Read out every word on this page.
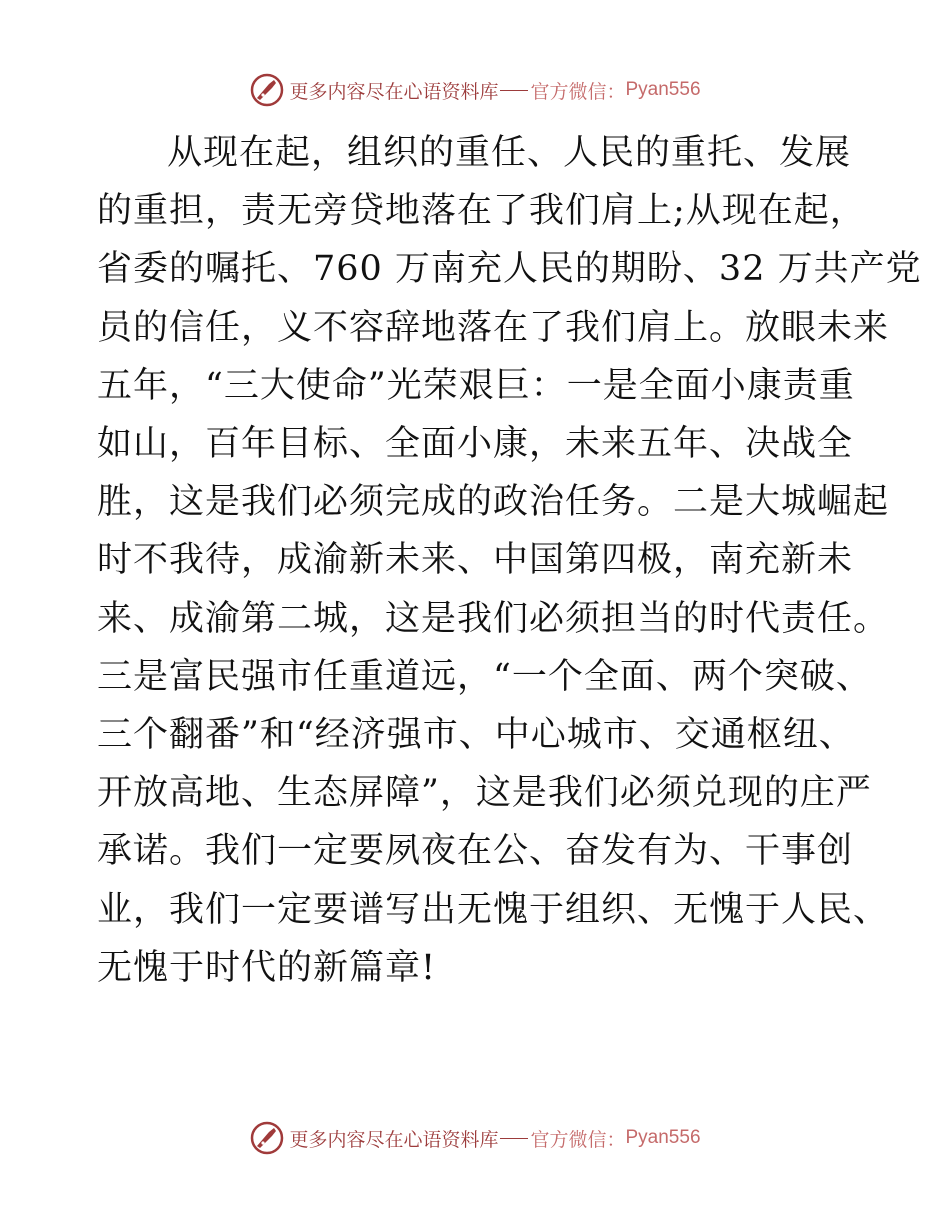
更多内容尽在心语资料库 官方微信： Pyan556
从现在起，组织的重任、人民的重托、发展
的重担，责无旁贷地落在了我们肩上;从现在起，
省委的嘱托、760 万南充人民的期盼、32 万共产党
员的信任，义不容辞地落在了我们肩上。放眼未来
五年，“三大使命”光荣艰巨：一是全面小康责重
如山，百年目标、全面小康，未来五年、决战全
胜，这是我们必须完成的政治任务。二是大城崛起
时不我待，成渝新未来、中国第四极，南充新未
来、成渝第二城，这是我们必须担当的时代责任。
三是富民强市任重道远，“一个全面、两个突破、
三个翻番”和“经济强市、中心城市、交通枢纽、
开放高地、生态屏障”，这是我们必须兑现的庄严
承诺。我们一定要夙夜在公、奋发有为、干事创
业，我们一定要谱写出无愧于组织、无愧于人民、
无愧于时代的新篇章!
更多内容尽在心语资料库 官方微信： Pyan556
